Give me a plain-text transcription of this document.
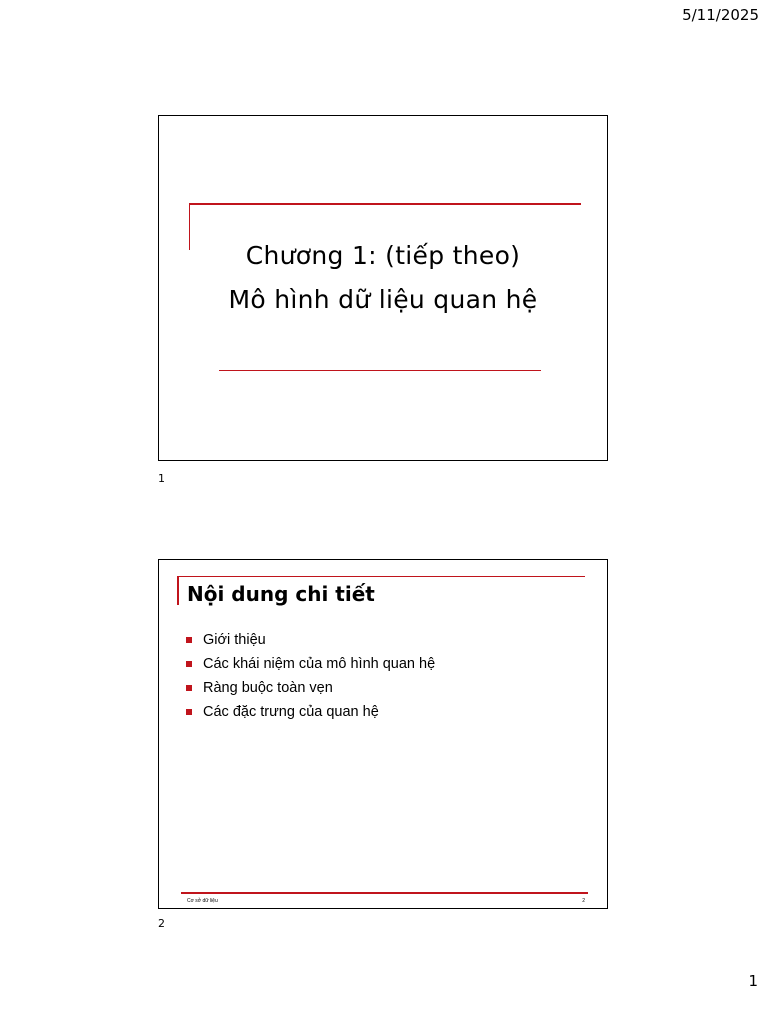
5/11/2025
Chương 1: (tiếp theo)
Mô hình dữ liệu quan hệ
1
Nội dung chi tiết
Giới thiệu
Các khái niệm của mô hình quan hệ
Ràng buộc toàn vẹn
Các đặc trưng của quan hệ
Cơ sở dữ liệu	2
2
1
